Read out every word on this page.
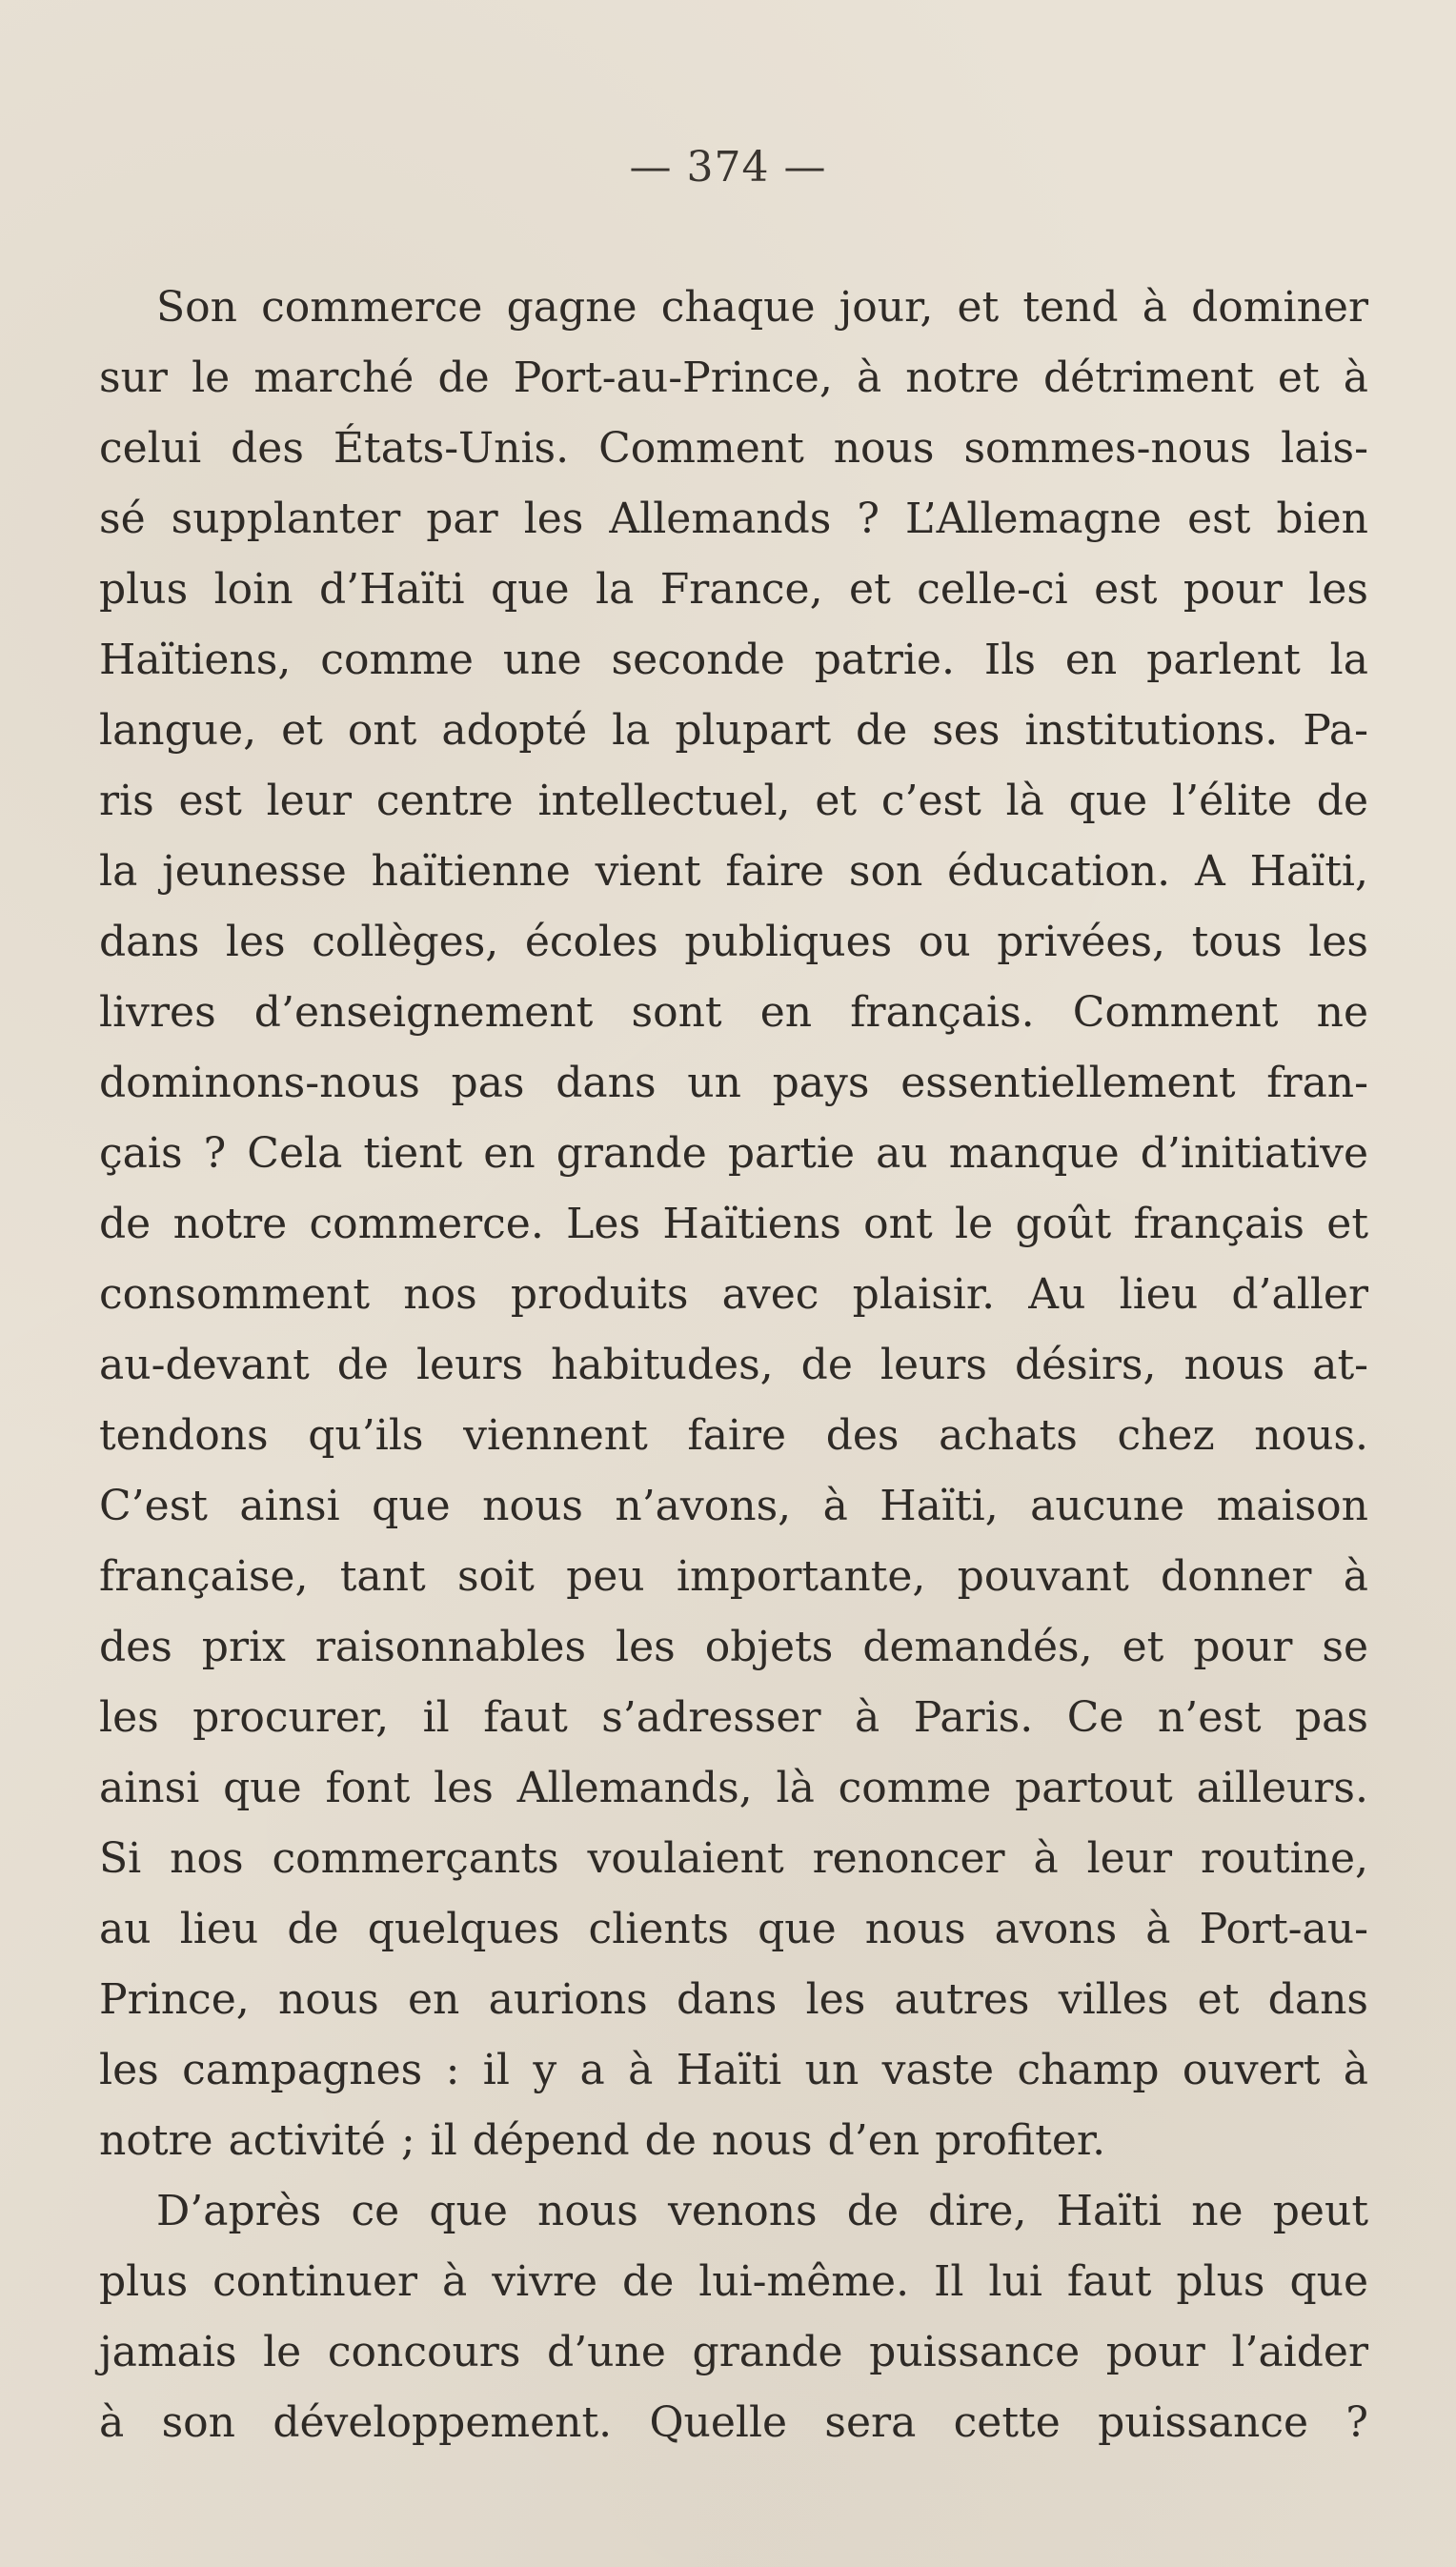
— 374 —
Son commerce gagne chaque jour, et tend à dominer
sur le marché de Port-au-Prince, à notre détriment et à
celui des États-Unis. Comment nous sommes-nous lais-
sé supplanter par les Allemands ? L’Allemagne est bien
plus loin d’Haïti que la France, et celle-ci est pour les
Haïtiens, comme une seconde patrie. Ils en parlent la
langue, et ont adopté la plupart de ses institutions. Pa-
ris est leur centre intellectuel, et c’est là que l’élite de
la jeunesse haïtienne vient faire son éducation. A Haïti,
dans les collèges, écoles publiques ou privées, tous les
livres d’enseignement sont en français. Comment ne
dominons-nous pas dans un pays essentiellement fran-
çais ? Cela tient en grande partie au manque d’initiative
de notre commerce. Les Haïtiens ont le goût français et
consomment nos produits avec plaisir. Au lieu d’aller
au-devant de leurs habitudes, de leurs désirs, nous at-
tendons qu’ils viennent faire des achats chez nous.
C’est ainsi que nous n’avons, à Haïti, aucune maison
française, tant soit peu importante, pouvant donner à
des prix raisonnables les objets demandés, et pour se
les procurer, il faut s’adresser à Paris. Ce n’est pas
ainsi que font les Allemands, là comme partout ailleurs.
Si nos commerçants voulaient renoncer à leur routine,
au lieu de quelques clients que nous avons à Port-au-
Prince, nous en aurions dans les autres villes et dans
les campagnes : il y a à Haïti un vaste champ ouvert à
notre activité ; il dépend de nous d’en profiter.
D’après ce que nous venons de dire, Haïti ne peut
plus continuer à vivre de lui-même. Il lui faut plus que
jamais le concours d’une grande puissance pour l’aider
à son développement. Quelle sera cette puissance ?
